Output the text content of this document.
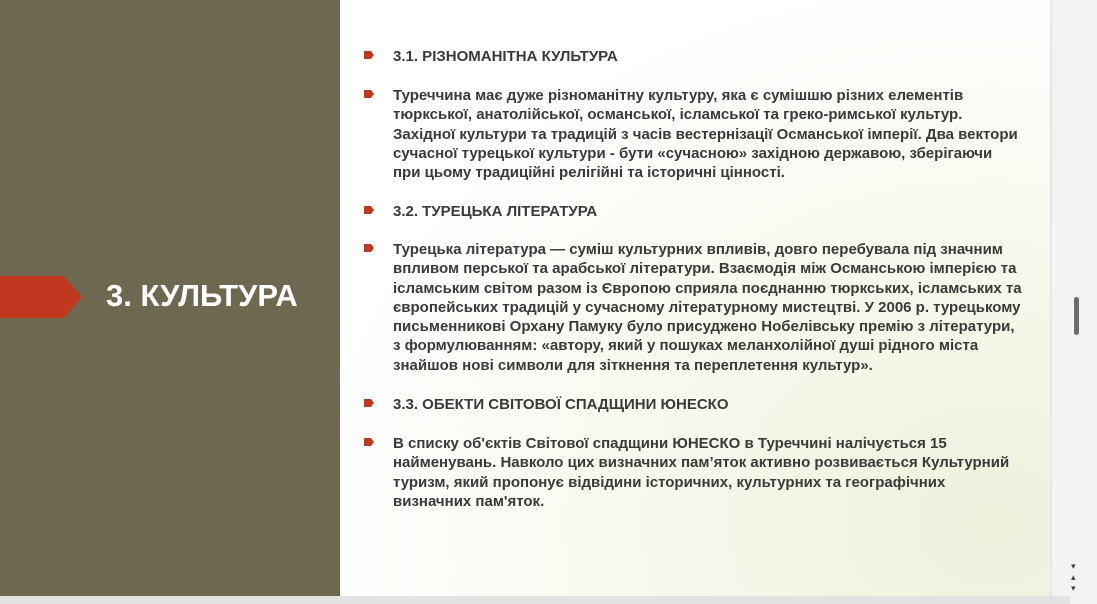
3. КУЛЬТУРА

3.1. РІЗНОМАНІТНА КУЛЬТУРА

Туреччина має дуже різноманітну культуру, яка є сумішшю різних елементів

тюркської, анатолійської, османської, ісламської та греко-римської культур.

Західної культури та традицій з часів вестернізації Османської імперії. Два вектори

сучасної турецької культури - бути «сучасною» західною державою, зберігаючи

при цьому традиційні релігійні та історичні цінності.

3.2. ТУРЕЦЬКА ЛІТЕРАТУРА

Турецька література — суміш культурних впливів, довго перебувала під значним

впливом перської та арабської літератури. Взаємодія між Османською імперією та

ісламським світом разом із Європою сприяла поєднанню тюркських, ісламських та

європейських традицій у сучасному літературному мистецтві. У 2006 р. турецькому

письменникові Орхану Памуку було присуджено Нобелівську премію з літератури,

з формулюванням: «автору, який у пошуках меланхолійної душі рідного міста

знайшов нові символи для зіткнення та переплетення культур».

3.3. ОБЕКТИ СВІТОВОЇ СПАДЩИНИ ЮНЕСКО

В списку об'єктів Світової спадщини ЮНЕСКО в Туреччині налічується 15

найменувань. Навколо цих визначних пам’яток активно розвивається Культурний

туризм, який пропонує відвідини історичних, культурних та географічних

визначних пам'яток.

▾
▴
▾
